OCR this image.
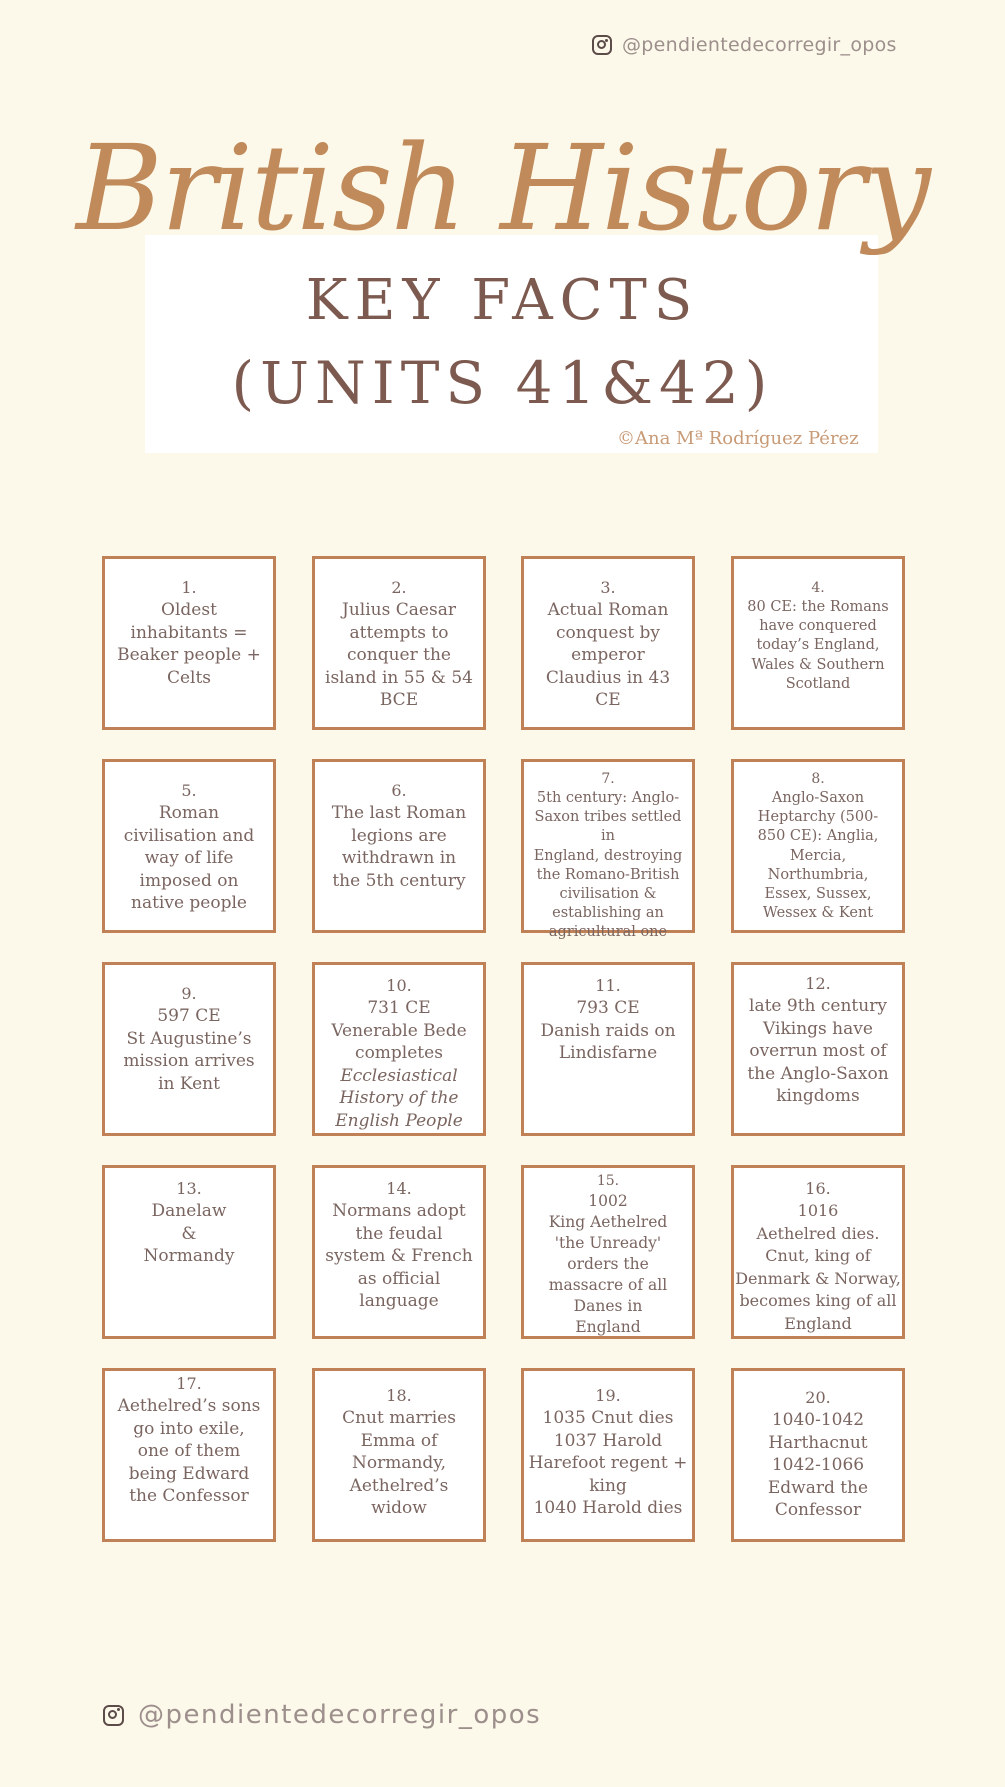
@pendientedecorregir_opos
British History
KEY FACTS
(UNITS 41&42)
©Ana Mª Rodríguez Pérez
1.
Oldest
inhabitants =
Beaker people +
Celts
2.
Julius Caesar
attempts to
conquer the
island in 55 & 54
BCE
3.
Actual Roman
conquest by
emperor
Claudius in 43
CE
4.
80 CE: the Romans
have conquered
today’s England,
Wales & Southern
Scotland
5.
Roman
civilisation and
way of life
imposed on
native people
6.
The last Roman
legions are
withdrawn in
the 5th century
7.
5th century: Anglo-
Saxon tribes settled in
England, destroying
the Romano-British
civilisation &
establishing an
agricultural one
8.
Anglo-Saxon
Heptarchy (500-
850 CE): Anglia,
Mercia,
Northumbria,
Essex, Sussex,
Wessex & Kent
9.
597 CE
St Augustine’s
mission arrives
in Kent
10.
731 CE
Venerable Bede
completes
Ecclesiastical
History of the
English People
11.
793 CE
Danish raids on
Lindisfarne
12.
late 9th century
Vikings have
overrun most of
the Anglo-Saxon
kingdoms
13.
Danelaw
&
Normandy
14.
Normans adopt
the feudal
system & French
as official
language
15.
1002
King Aethelred
'the Unready'
orders the
massacre of all
Danes in
England
16.
1016
Aethelred dies.
Cnut, king of
Denmark & Norway,
becomes king of all
England
17.
Aethelred’s sons
go into exile,
one of them
being Edward
the Confessor
18.
Cnut marries
Emma of
Normandy,
Aethelred’s
widow
19.
1035 Cnut dies
1037 Harold
Harefoot regent +
king
1040 Harold dies
20.
1040-1042
Harthacnut
1042-1066
Edward the
Confessor
@pendientedecorregir_opos
